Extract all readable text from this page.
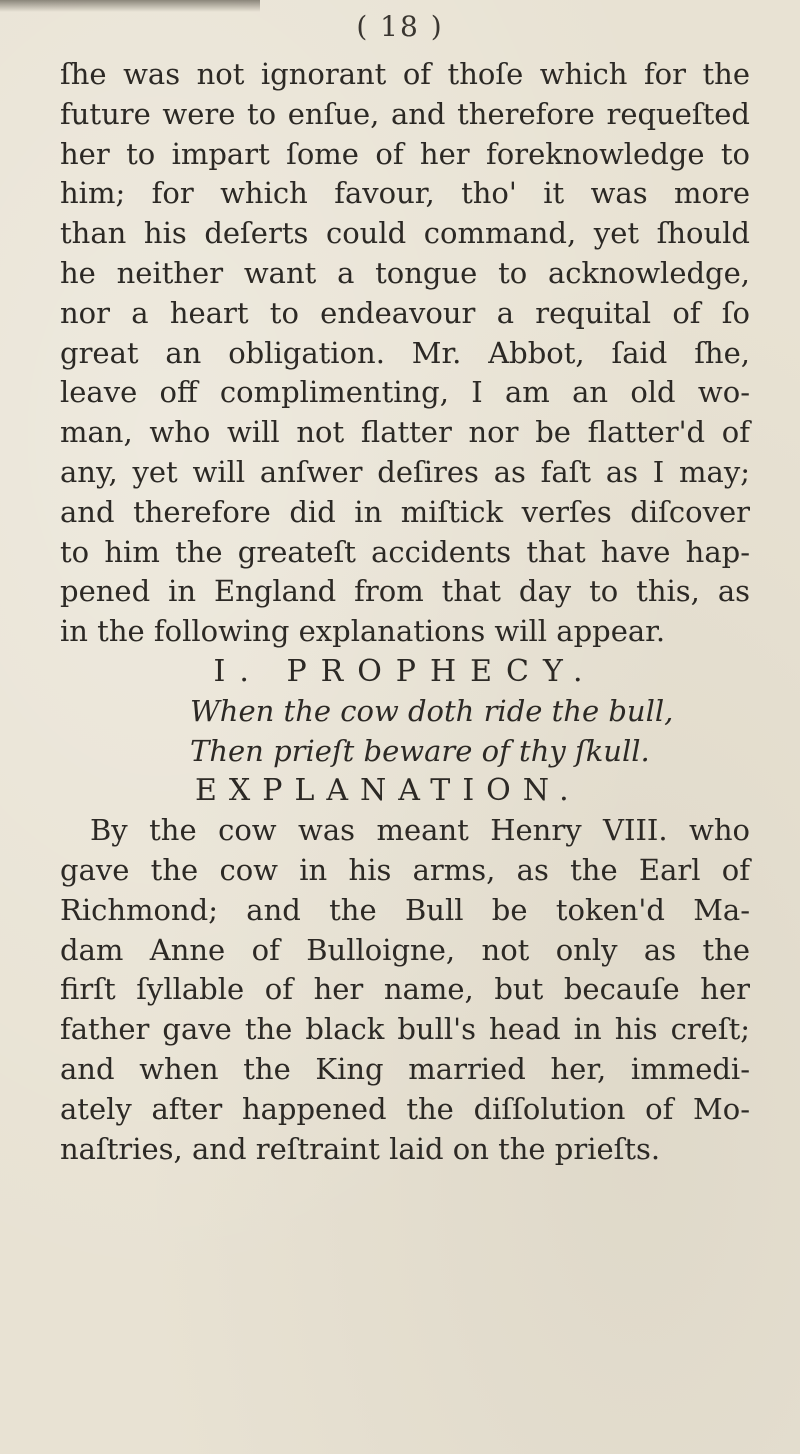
( 18 )
ſhe was not ignorant of thoſe which for the
future were to enſue, and therefore requeſted
her to impart ſome of her foreknowledge to
him; for which favour, tho' it was more
than his deſerts could command, yet ſhould
he neither want a tongue to acknowledge,
nor a heart to endeavour a requital of ſo
great an obligation. Mr. Abbot, ſaid ſhe,
leave off complimenting, I am an old wo-
man, who will not flatter nor be flatter'd of
any, yet will anſwer deſires as faſt as I may;
and therefore did in miſtick verſes diſcover
to him the greateſt accidents that have hap-
pened in England from that day to this, as
in the following explanations will appear.
I. PROPHECY.
When the cow doth ride the bull,
Then prieſt beware of thy ſkull.
EXPLANATION.
By the cow was meant Henry VIII. who
gave the cow in his arms, as the Earl of
Richmond; and the Bull be token'd Ma-
dam Anne of Bulloigne, not only as the
firſt ſyllable of her name, but becauſe her
father gave the black bull's head in his creſt;
and when the King married her, immedi-
ately after happened the diſſolution of Mo-
naſtries, and reſtraint laid on the prieſts.
